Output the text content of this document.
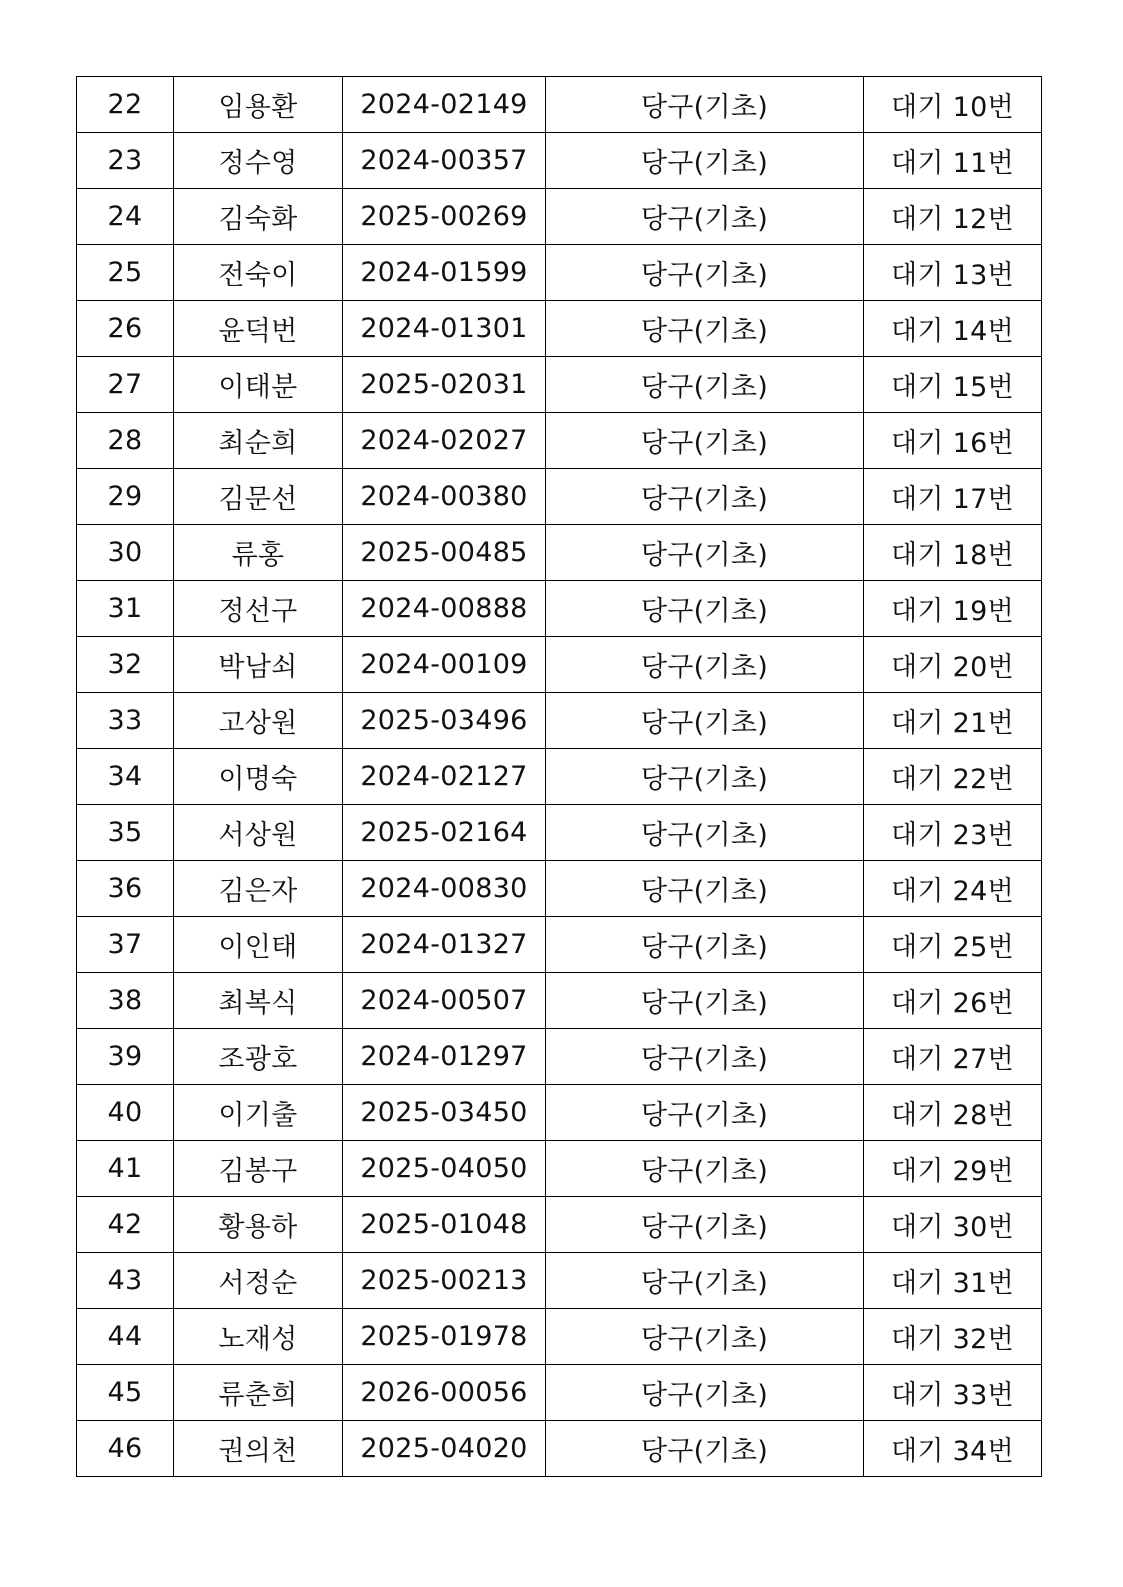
22	임용환	2024-02149	당구(기초)	대기 10번
23	정수영	2024-00357	당구(기초)	대기 11번
24	김숙화	2025-00269	당구(기초)	대기 12번
25	전숙이	2024-01599	당구(기초)	대기 13번
26	윤덕번	2024-01301	당구(기초)	대기 14번
27	이태분	2025-02031	당구(기초)	대기 15번
28	최순희	2024-02027	당구(기초)	대기 16번
29	김문선	2024-00380	당구(기초)	대기 17번
30	류홍	2025-00485	당구(기초)	대기 18번
31	정선구	2024-00888	당구(기초)	대기 19번
32	박남쇠	2024-00109	당구(기초)	대기 20번
33	고상원	2025-03496	당구(기초)	대기 21번
34	이명숙	2024-02127	당구(기초)	대기 22번
35	서상원	2025-02164	당구(기초)	대기 23번
36	김은자	2024-00830	당구(기초)	대기 24번
37	이인태	2024-01327	당구(기초)	대기 25번
38	최복식	2024-00507	당구(기초)	대기 26번
39	조광호	2024-01297	당구(기초)	대기 27번
40	이기출	2025-03450	당구(기초)	대기 28번
41	김봉구	2025-04050	당구(기초)	대기 29번
42	황용하	2025-01048	당구(기초)	대기 30번
43	서정순	2025-00213	당구(기초)	대기 31번
44	노재성	2025-01978	당구(기초)	대기 32번
45	류춘희	2026-00056	당구(기초)	대기 33번
46	권의천	2025-04020	당구(기초)	대기 34번
